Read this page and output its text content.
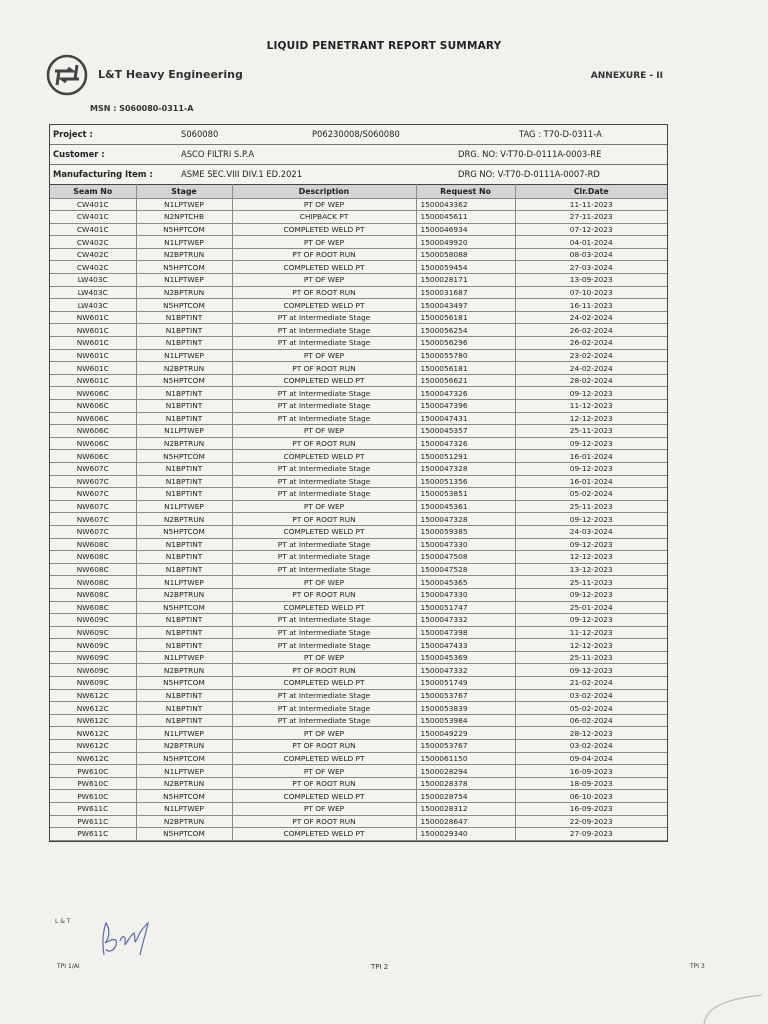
LIQUID PENETRANT REPORT SUMMARY
L&T Heavy Engineering	ANNEXURE - II
MSN : S060080-0311-A
Project :	S060080	P06230008/S060080	TAG : T70-D-0311-A
Customer :	ASCO FILTRI S.P.A	DRG. NO: V-T70-D-0111A-0003-RE
Manufacturing Item :	ASME SEC.VIII DIV.1 ED.2021	DRG NO: V-T70-D-0111A-0007-RD
Seam No	Stage	Description	Request No	Clr.Date
CW401C	N1LPTWEP	PT OF WEP	1500043362	11-11-2023
CW401C	N2NPTCHB	CHIPBACK PT	1500045611	27-11-2023
CW401C	N5HPTCOM	COMPLETED WELD PT	1500046934	07-12-2023
CW402C	N1LPTWEP	PT OF WEP	1500049920	04-01-2024
CW402C	N2BPTRUN	PT OF ROOT RUN	1500058088	08-03-2024
CW402C	N5HPTCOM	COMPLETED WELD PT	1500059454	27-03-2024
LW403C	N1LPTWEP	PT OF WEP	1500028171	13-09-2023
LW403C	N2BPTRUN	PT OF ROOT RUN	1500031687	07-10-2023
LW403C	N5HPTCOM	COMPLETED WELD PT	1500043497	16-11-2023
NW601C	N1BPTINT	PT at Intermediate Stage	1500056181	24-02-2024
NW601C	N1BPTINT	PT at Intermediate Stage	1500056254	26-02-2024
NW601C	N1BPTINT	PT at Intermediate Stage	1500056296	26-02-2024
NW601C	N1LPTWEP	PT OF WEP	1500055780	23-02-2024
NW601C	N2BPTRUN	PT OF ROOT RUN	1500056181	24-02-2024
NW601C	N5HPTCOM	COMPLETED WELD PT	1500056621	28-02-2024
NW606C	N1BPTINT	PT at Intermediate Stage	1500047326	09-12-2023
NW606C	N1BPTINT	PT at Intermediate Stage	1500047396	11-12-2023
NW606C	N1BPTINT	PT at Intermediate Stage	1500047431	12-12-2023
NW606C	N1LPTWEP	PT OF WEP	1500045357	25-11-2023
NW606C	N2BPTRUN	PT OF ROOT RUN	1500047326	09-12-2023
NW606C	N5HPTCOM	COMPLETED WELD PT	1500051291	16-01-2024
NW607C	N1BPTINT	PT at Intermediate Stage	1500047328	09-12-2023
NW607C	N1BPTINT	PT at Intermediate Stage	1500051356	16-01-2024
NW607C	N1BPTINT	PT at Intermediate Stage	1500053851	05-02-2024
NW607C	N1LPTWEP	PT OF WEP	1500045361	25-11-2023
NW607C	N2BPTRUN	PT OF ROOT RUN	1500047328	09-12-2023
NW607C	N5HPTCOM	COMPLETED WELD PT	1500059385	24-03-2024
NW608C	N1BPTINT	PT at Intermediate Stage	1500047330	09-12-2023
NW608C	N1BPTINT	PT at Intermediate Stage	1500047508	12-12-2023
NW608C	N1BPTINT	PT at Intermediate Stage	1500047528	13-12-2023
NW608C	N1LPTWEP	PT OF WEP	1500045365	25-11-2023
NW608C	N2BPTRUN	PT OF ROOT RUN	1500047330	09-12-2023
NW608C	N5HPTCOM	COMPLETED WELD PT	1500051747	25-01-2024
NW609C	N1BPTINT	PT at Intermediate Stage	1500047332	09-12-2023
NW609C	N1BPTINT	PT at Intermediate Stage	1500047398	11-12-2023
NW609C	N1BPTINT	PT at Intermediate Stage	1500047433	12-12-2023
NW609C	N1LPTWEP	PT OF WEP	1500045369	25-11-2023
NW609C	N2BPTRUN	PT OF ROOT RUN	1500047332	09-12-2023
NW609C	N5HPTCOM	COMPLETED WELD PT	1500051749	21-02-2024
NW612C	N1BPTINT	PT at Intermediate Stage	1500053767	03-02-2024
NW612C	N1BPTINT	PT at Intermediate Stage	1500053839	05-02-2024
NW612C	N1BPTINT	PT at Intermediate Stage	1500053984	06-02-2024
NW612C	N1LPTWEP	PT OF WEP	1500049229	28-12-2023
NW612C	N2BPTRUN	PT OF ROOT RUN	1500053767	03-02-2024
NW612C	N5HPTCOM	COMPLETED WELD PT	1500061150	09-04-2024
PW610C	N1LPTWEP	PT OF WEP	1500028294	16-09-2023
PW610C	N2BPTRUN	PT OF ROOT RUN	1500028378	18-09-2023
PW610C	N5HPTCOM	COMPLETED WELD PT	1500028754	06-10-2023
PW611C	N1LPTWEP	PT OF WEP	1500028312	16-09-2023
PW611C	N2BPTRUN	PT OF ROOT RUN	1500028647	22-09-2023
PW611C	N5HPTCOM	COMPLETED WELD PT	1500029340	27-09-2023
L & T
TPI 1/AI	TPI 2	TPI 3
